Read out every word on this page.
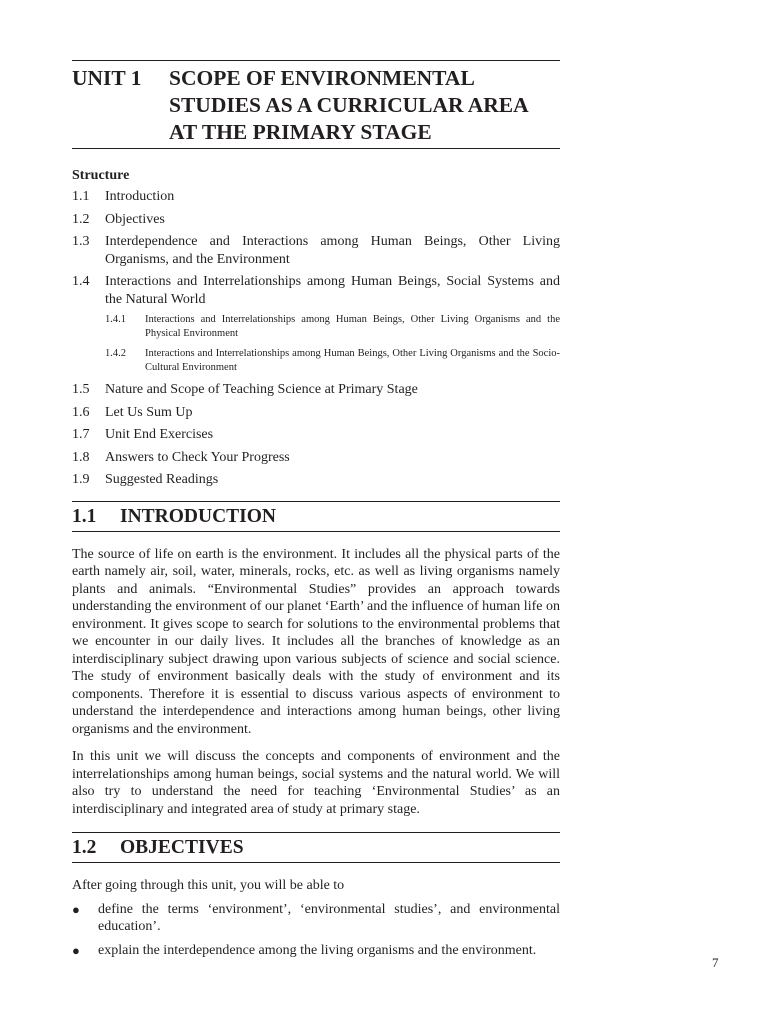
UNIT 1	SCOPE OF ENVIRONMENTAL
STUDIES AS A CURRICULAR AREA
AT THE PRIMARY STAGE
Structure
1.1	Introduction
1.2	Objectives
1.3	Interdependence and Interactions among Human Beings, Other Living Organisms, and the Environment
1.4	Interactions and Interrelationships among Human Beings, Social Systems and the Natural World
1.4.1	Interactions and Interrelationships among Human Beings, Other Living Organisms and the Physical Environment
1.4.2	Interactions and Interrelationships among Human Beings, Other Living Organisms and the Socio-Cultural Environment
1.5	Nature and Scope of Teaching Science at Primary Stage
1.6	Let Us Sum Up
1.7	Unit End Exercises
1.8	Answers to Check Your Progress
1.9	Suggested Readings
1.1	INTRODUCTION

The source of life on earth is the environment. It includes all the physical parts of the earth namely air, soil, water, minerals, rocks, etc. as well as living organisms namely plants and animals. “Environmental Studies” provides an approach towards understanding the environment of our planet ‘Earth’ and the influence of human life on environment. It gives scope to search for solutions to the environmental problems that we encounter in our daily lives. It includes all the branches of knowledge as an interdisciplinary subject drawing upon various subjects of science and social science. The study of environment basically deals with the study of environment and its components. Therefore it is essential to discuss various aspects of environment to understand the interdependence and interactions among human beings, other living organisms and the environment.

In this unit we will discuss the concepts and components of environment and the interrelationships among human beings, social systems and the natural world. We will also try to understand the need for teaching ‘Environmental Studies’ as an interdisciplinary and integrated area of study at primary stage.

1.2	OBJECTIVES
After going through this unit, you will be able to
●	define the terms ‘environment’, ‘environmental studies’, and environmental education’.
●	explain the interdependence among the living organisms and the environment.
7
